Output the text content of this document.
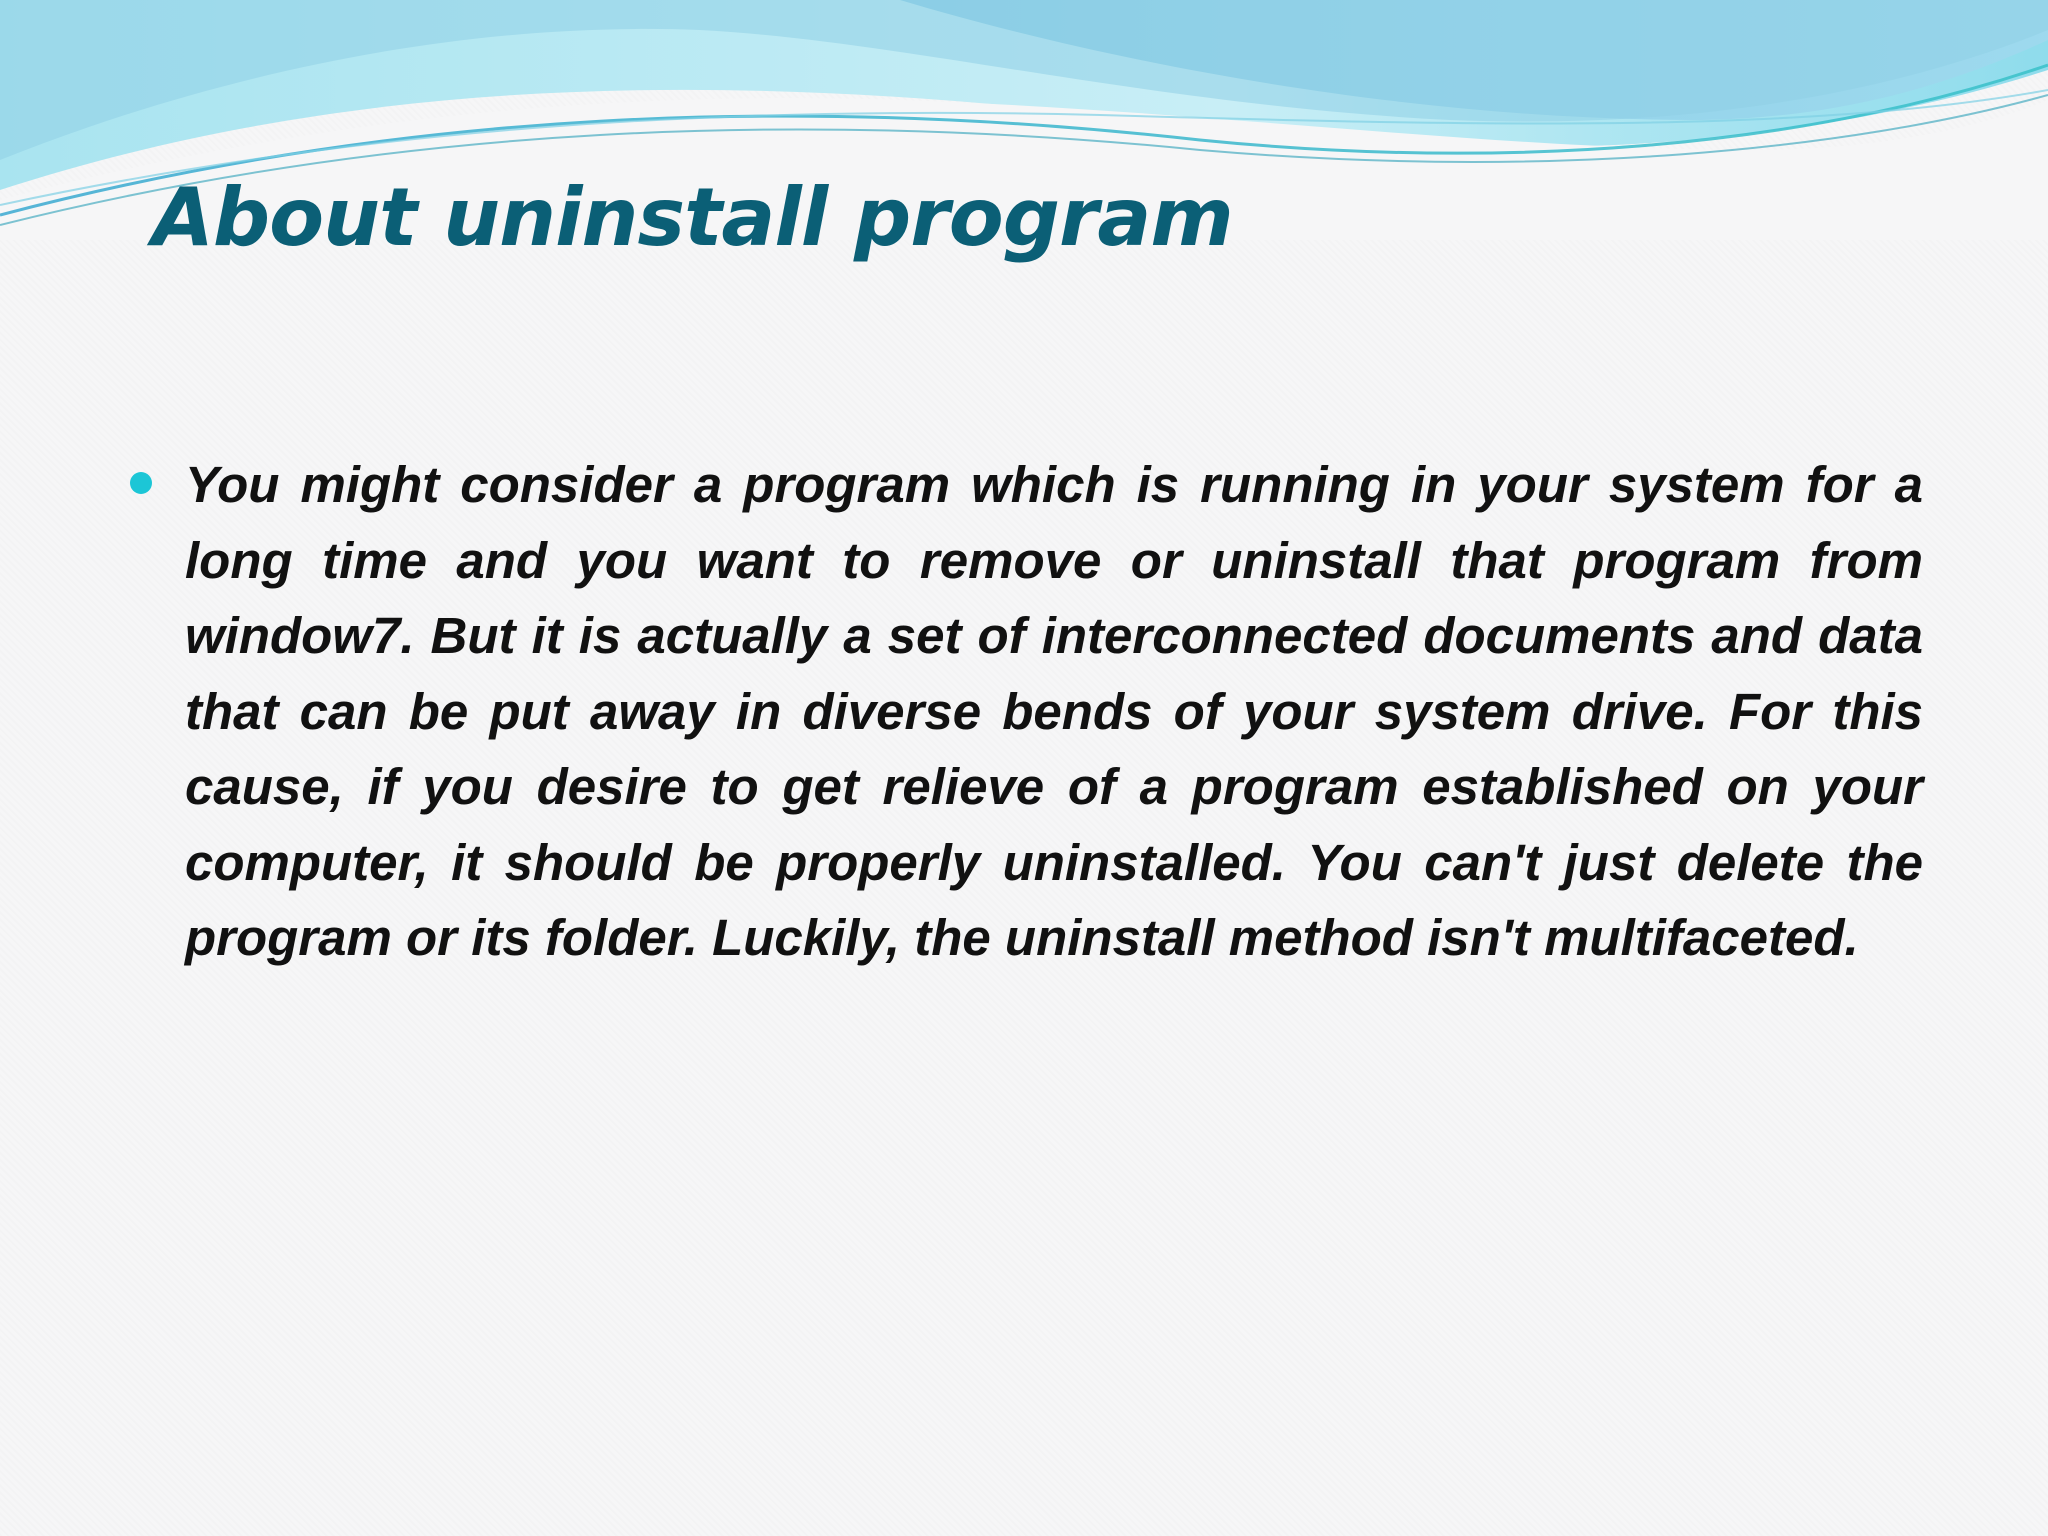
About uninstall program

You might consider a program which is running in your system for a long time and you want to remove or uninstall that program from window7. But it is actually a set of interconnected documents and data that can be put away in diverse bends of your system drive. For this cause, if you desire to get relieve of a program established on your computer, it should be properly uninstalled. You can't just delete the program or its folder. Luckily, the uninstall method isn't multifaceted.
